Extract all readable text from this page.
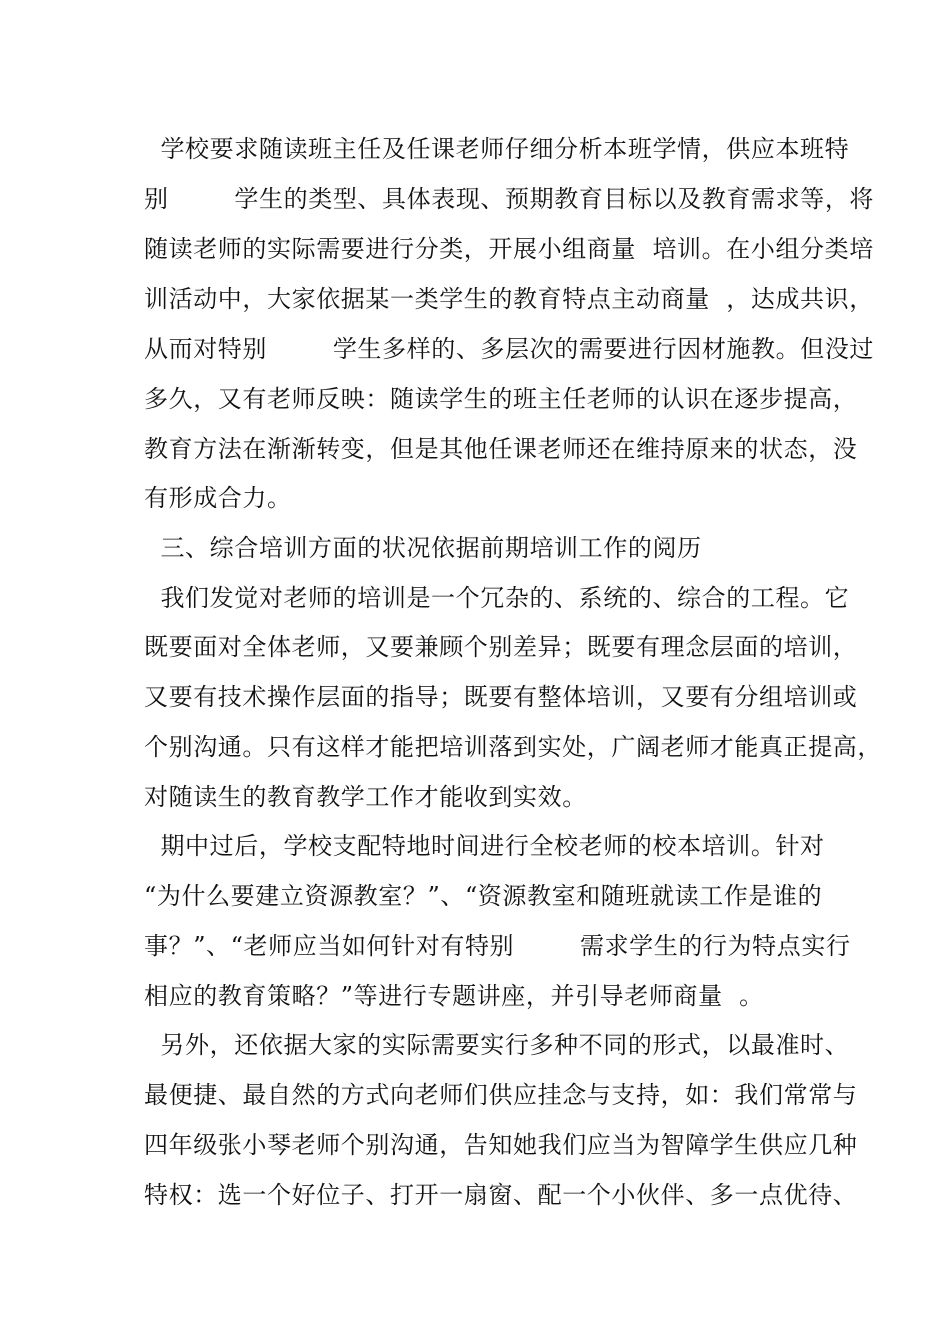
学校要求随读班主任及任课老师仔细分析本班学情，供应本班特
别        学生的类型、具体表现、预期教育目标以及教育需求等，将
随读老师的实际需要进行分类，开展小组商量  培训。在小组分类培
训活动中，大家依据某一类学生的教育特点主动商量  ，达成共识，
从而对特别        学生多样的、多层次的需要进行因材施教。但没过
多久，又有老师反映：随读学生的班主任老师的认识在逐步提高，
教育方法在渐渐转变，但是其他任课老师还在维持原来的状态，没
有形成合力。
三、综合培训方面的状况依据前期培训工作的阅历
我们发觉对老师的培训是一个冗杂的、系统的、综合的工程。它
既要面对全体老师，又要兼顾个别差异；既要有理念层面的培训，
又要有技术操作层面的指导；既要有整体培训，又要有分组培训或
个别沟通。只有这样才能把培训落到实处，广阔老师才能真正提高，
对随读生的教育教学工作才能收到实效。
期中过后，学校支配特地时间进行全校老师的校本培训。针对
“为什么要建立资源教室？”、“资源教室和随班就读工作是谁的
事？”、“老师应当如何针对有特别        需求学生的行为特点实行
相应的教育策略？”等进行专题讲座，并引导老师商量  。
另外，还依据大家的实际需要实行多种不同的形式，以最准时、
最便捷、最自然的方式向老师们供应挂念与支持，如：我们常常与
四年级张小琴老师个别沟通，告知她我们应当为智障学生供应几种
特权：选一个好位子、打开一扇窗、配一个小伙伴、多一点优待、
